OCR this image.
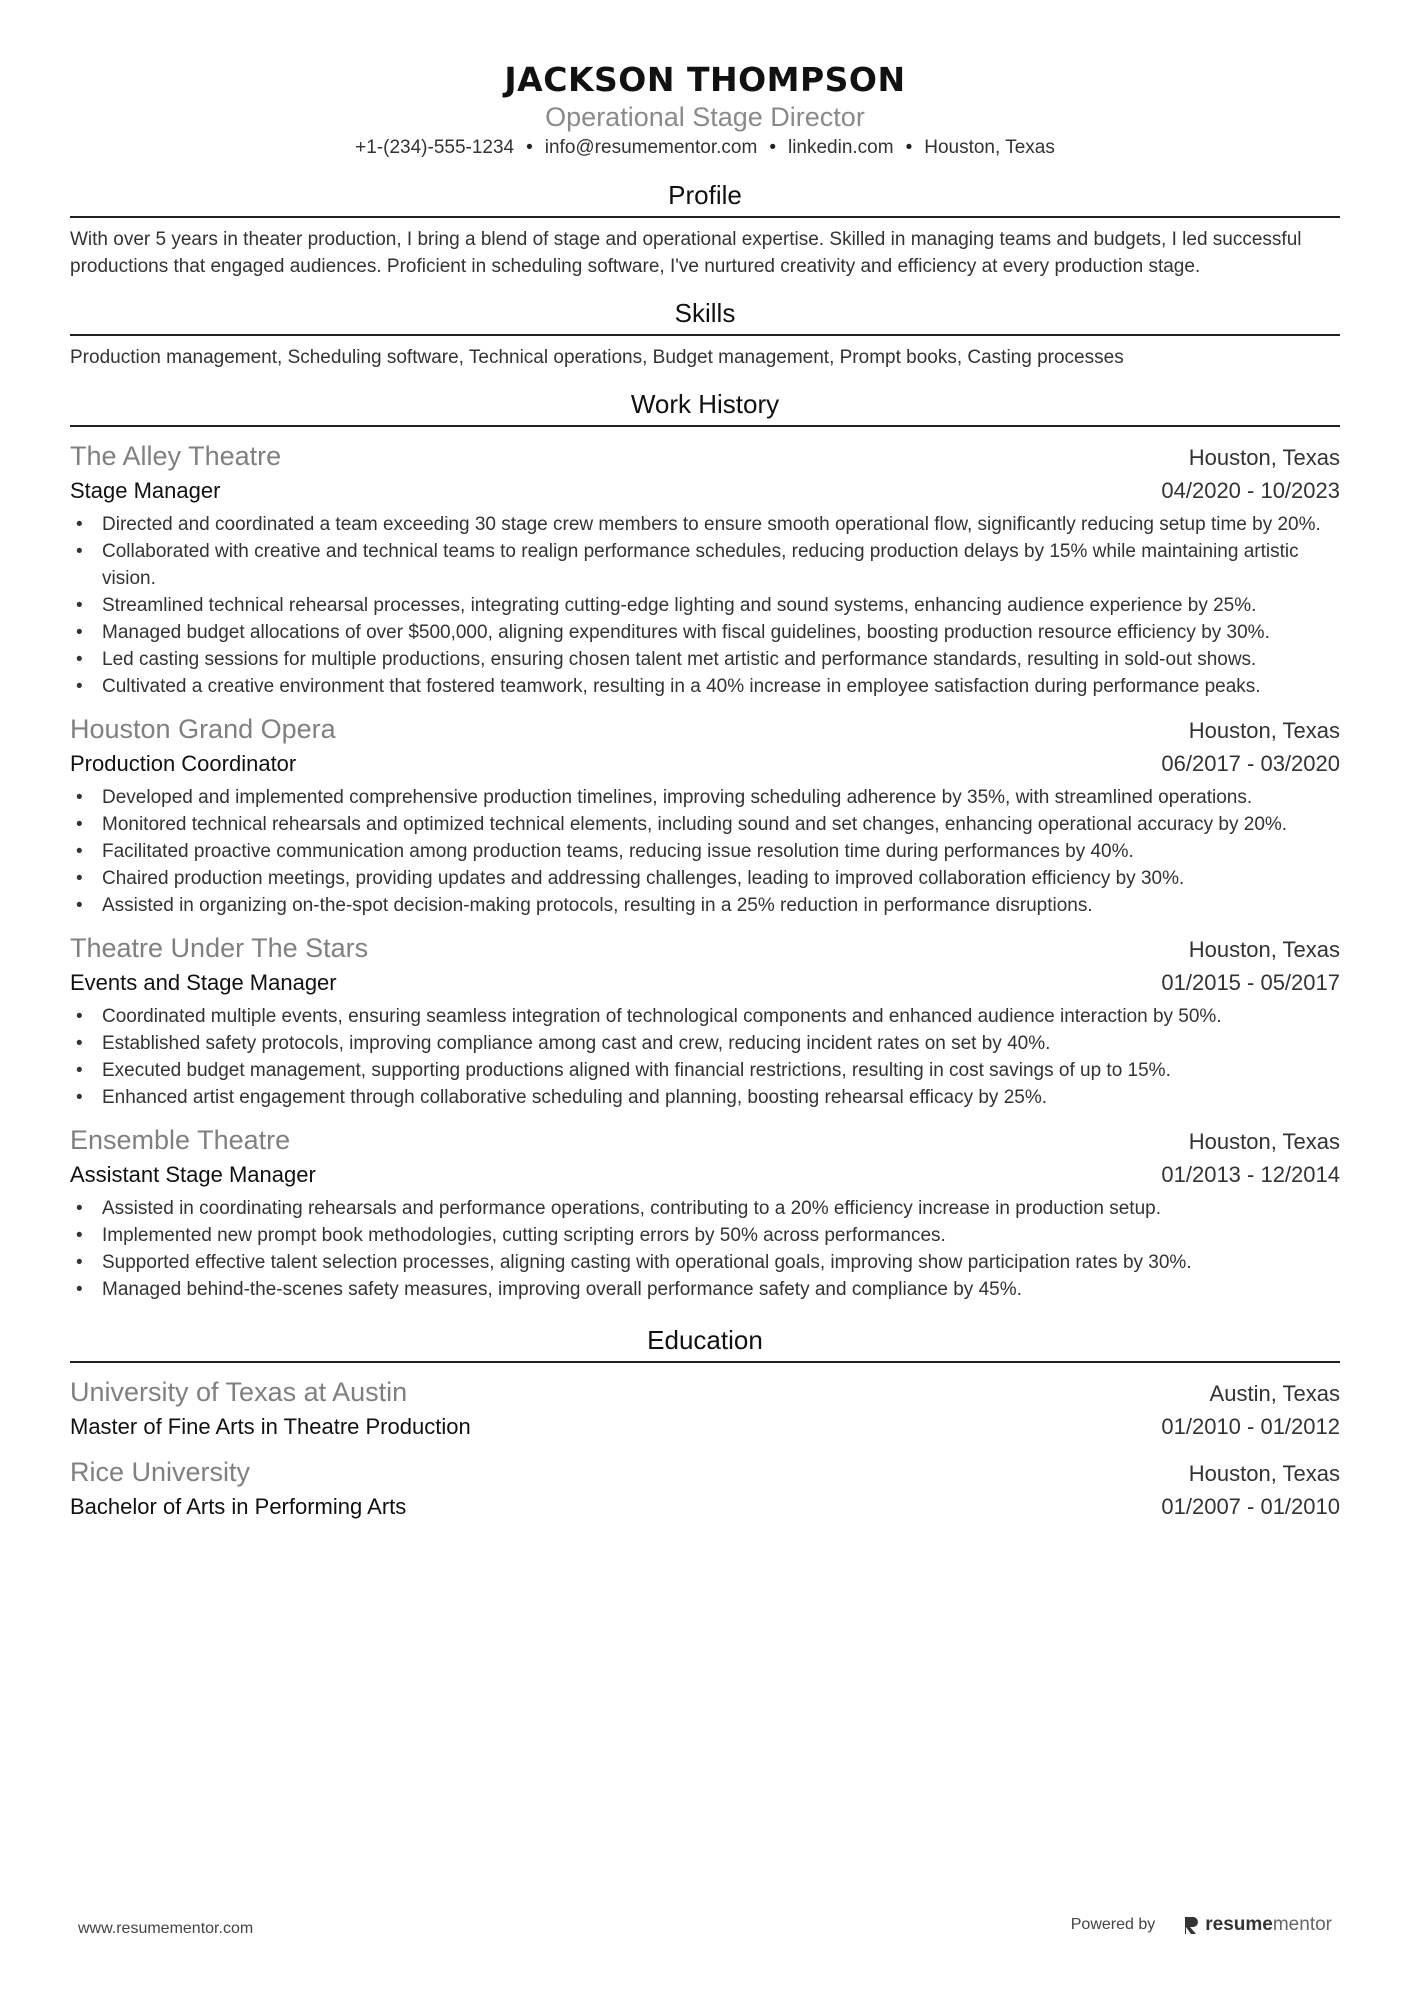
JACKSON THOMPSON
Operational Stage Director
+1-(234)-555-1234 • info@resumementor.com • linkedin.com • Houston, Texas
Profile
With over 5 years in theater production, I bring a blend of stage and operational expertise. Skilled in managing teams and budgets, I led successful productions that engaged audiences. Proficient in scheduling software, I've nurtured creativity and efficiency at every production stage.
Skills
Production management, Scheduling software, Technical operations, Budget management, Prompt books, Casting processes
Work History
The Alley Theatre	Houston, Texas
Stage Manager	04/2020 - 10/2023
• Directed and coordinated a team exceeding 30 stage crew members to ensure smooth operational flow, significantly reducing setup time by 20%.
• Collaborated with creative and technical teams to realign performance schedules, reducing production delays by 15% while maintaining artistic vision.
• Streamlined technical rehearsal processes, integrating cutting-edge lighting and sound systems, enhancing audience experience by 25%.
• Managed budget allocations of over $500,000, aligning expenditures with fiscal guidelines, boosting production resource efficiency by 30%.
• Led casting sessions for multiple productions, ensuring chosen talent met artistic and performance standards, resulting in sold-out shows.
• Cultivated a creative environment that fostered teamwork, resulting in a 40% increase in employee satisfaction during performance peaks.
Houston Grand Opera	Houston, Texas
Production Coordinator	06/2017 - 03/2020
• Developed and implemented comprehensive production timelines, improving scheduling adherence by 35%, with streamlined operations.
• Monitored technical rehearsals and optimized technical elements, including sound and set changes, enhancing operational accuracy by 20%.
• Facilitated proactive communication among production teams, reducing issue resolution time during performances by 40%.
• Chaired production meetings, providing updates and addressing challenges, leading to improved collaboration efficiency by 30%.
• Assisted in organizing on-the-spot decision-making protocols, resulting in a 25% reduction in performance disruptions.
Theatre Under The Stars	Houston, Texas
Events and Stage Manager	01/2015 - 05/2017
• Coordinated multiple events, ensuring seamless integration of technological components and enhanced audience interaction by 50%.
• Established safety protocols, improving compliance among cast and crew, reducing incident rates on set by 40%.
• Executed budget management, supporting productions aligned with financial restrictions, resulting in cost savings of up to 15%.
• Enhanced artist engagement through collaborative scheduling and planning, boosting rehearsal efficacy by 25%.
Ensemble Theatre	Houston, Texas
Assistant Stage Manager	01/2013 - 12/2014
• Assisted in coordinating rehearsals and performance operations, contributing to a 20% efficiency increase in production setup.
• Implemented new prompt book methodologies, cutting scripting errors by 50% across performances.
• Supported effective talent selection processes, aligning casting with operational goals, improving show participation rates by 30%.
• Managed behind-the-scenes safety measures, improving overall performance safety and compliance by 45%.
Education
University of Texas at Austin	Austin, Texas
Master of Fine Arts in Theatre Production	01/2010 - 01/2012
Rice University	Houston, Texas
Bachelor of Arts in Performing Arts	01/2007 - 01/2010
www.resumementor.com	Powered by	resume mentor
